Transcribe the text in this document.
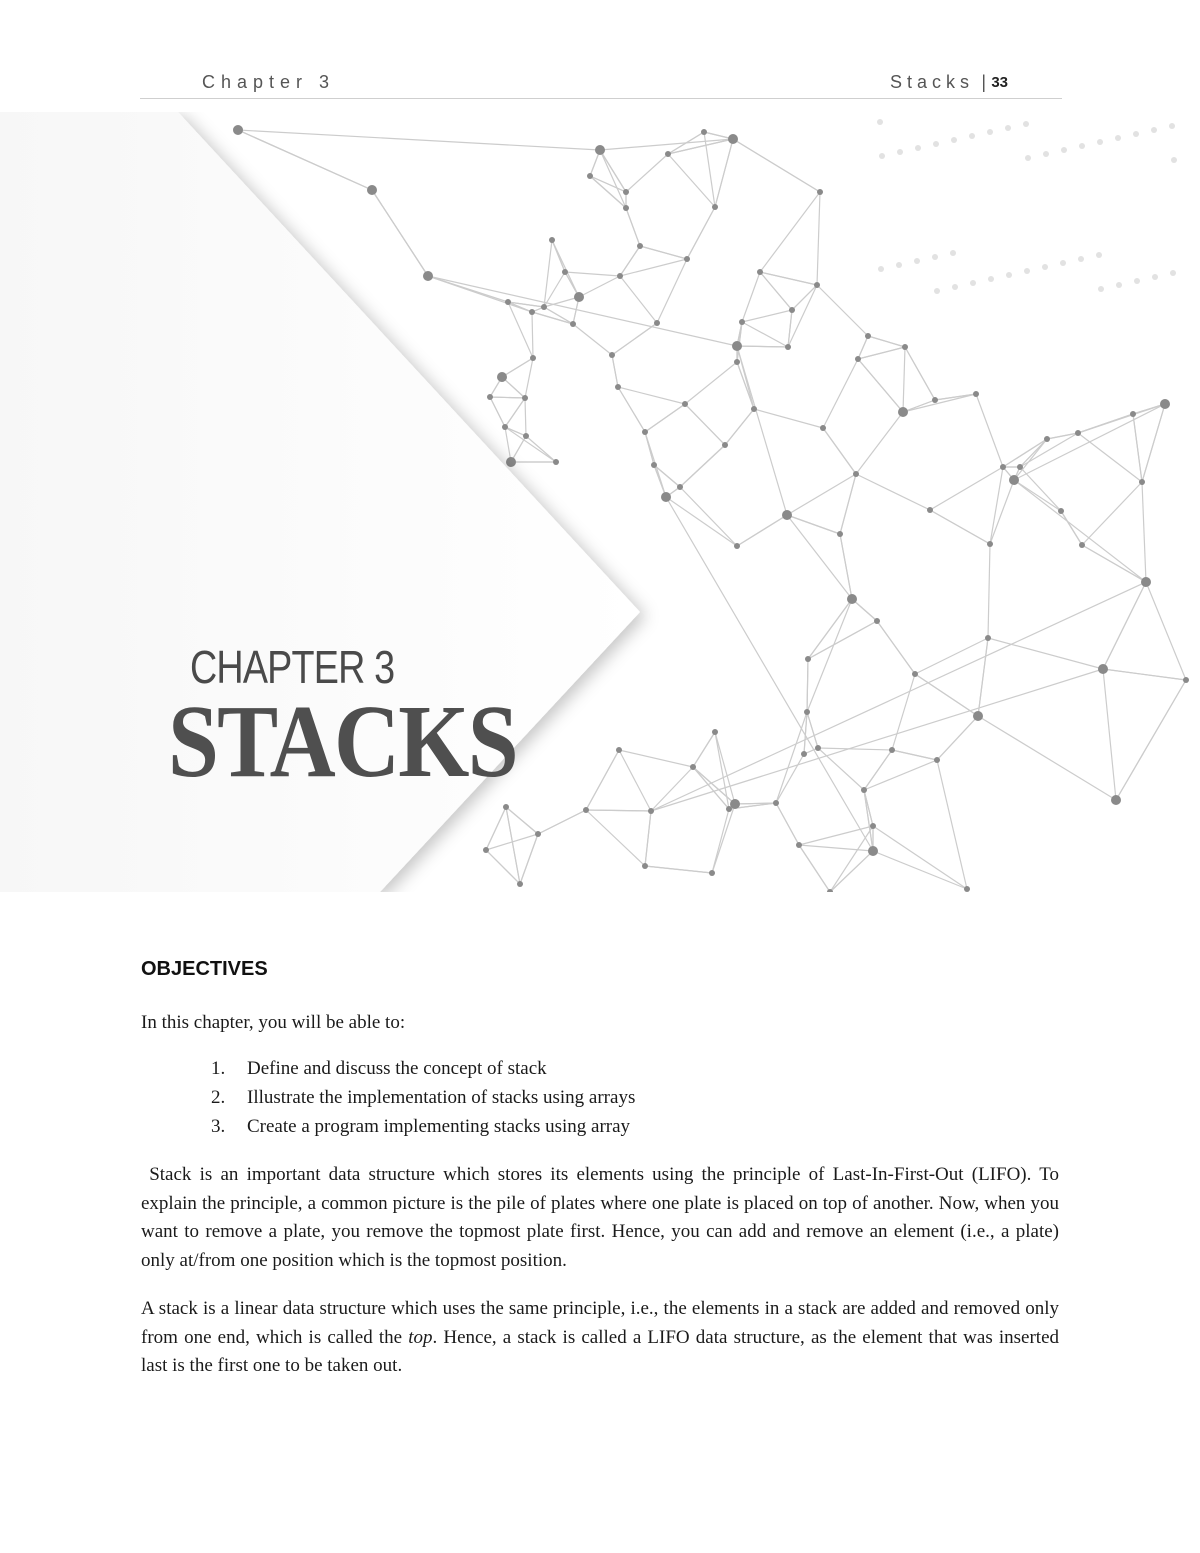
Chapter 3	Stacks | 33
CHAPTER 3
STACKS
OBJECTIVES
In this chapter, you will be able to:
1.	Define and discuss the concept of stack
2.	Illustrate the implementation of stacks using arrays
3.	Create a program implementing stacks using array

Stack is an important data structure which stores its elements using the principle of Last-In-First-Out (LIFO). To explain the principle, a common picture is the pile of plates where one plate is placed on top of another. Now, when you want to remove a plate, you remove the topmost plate first. Hence, you can add and remove an element (i.e., a plate) only at/from one position which is the topmost position.

A stack is a linear data structure which uses the same principle, i.e., the elements in a stack are added and removed only from one end, which is called the top. Hence, a stack is called a LIFO data structure, as the element that was inserted last is the first one to be taken out.
